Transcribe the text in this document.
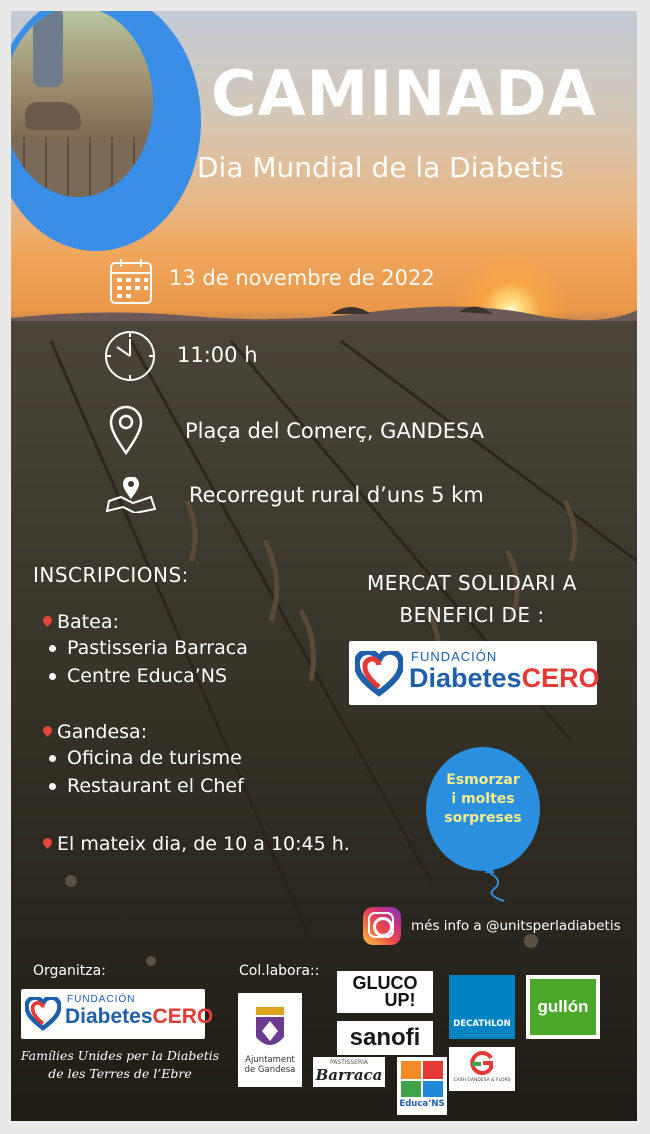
CAMINADA
Dia Mundial de la Diabetis
13 de novembre de 2022
11:00 h
Plaça del Comerç, GANDESA
Recorregut rural d’uns 5 km
INSCRIPCIONS:
Batea:
Pastisseria Barraca
Centre Educa’NS
Gandesa:
Oficina de turisme
Restaurant el Chef
El mateix dia, de 10 a 10:45 h.
MERCAT SOLIDARI A
BENEFICI DE :
FUNDACIÓN
DiabetesCERO
Esmorzar
i moltes
sorpreses
més info a @unitsperladiabetis
Organitza:	Col.labora::
FUNDACIÓN
DiabetesCERO
Famílies Unides per la Diabetis
de les Terres de l’Ebre
Ajuntament
de Gandesa
GLUCO
UP!
sanofi	DECATHLON
gullón
PASTISSERIA
Barraca
Educa’NS
CASH GANDESA & FLORS
